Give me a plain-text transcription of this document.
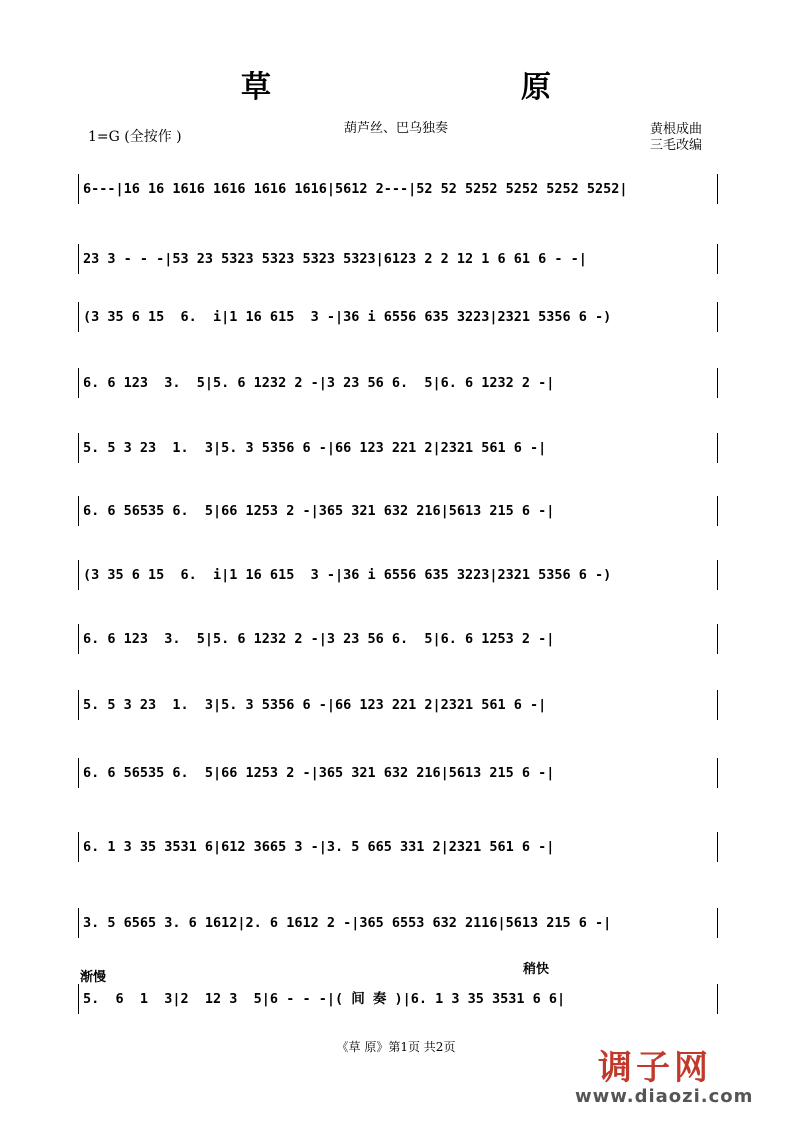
草　原
葫芦丝、巴乌独奏
1=G (全按作 )	黄根成曲
三毛改编
6---|16 16 1616 1616 1616 1616|5612 2---|52 52 5252 5252 5252 5252|
23 3 - - -|53 23 5323 5323 5323 5323|6123 2 2 12 1 6 61 6 - -|
(3 35 6 15  6.  i|1 16 615  3 -|36 i 6556 635 3223|2321 5356 6 -)
6. 6 123  3.  5|5. 6 1232 2 -|3 23 56 6.  5|6. 6 1232 2 -|
5. 5 3 23  1.  3|5. 3 5356 6 -|66 123 221 2|2321 561 6 -|
6. 6 56535 6.  5|66 1253 2 -|365 321 632 216|5613 215 6 -|
(3 35 6 15  6.  i|1 16 615  3 -|36 i 6556 635 3223|2321 5356 6 -)
6. 6 123  3.  5|5. 6 1232 2 -|3 23 56 6.  5|6. 6 1253 2 -|
5. 5 3 23  1.  3|5. 3 5356 6 -|66 123 221 2|2321 561 6 -|
6. 6 56535 6.  5|66 1253 2 -|365 321 632 216|5613 215 6 -|
6. 1 3 35 3531 6|612 3665 3 -|3. 5 665 331 2|2321 561 6 -|
3. 5 6565 3. 6 1612|2. 6 1612 2 -|365 6553 632 2116|5613 215 6 -|
渐慢
稍快
5.  6  1  3|2  12 3  5|6 - - -|( 间 奏 )|6. 1 3 35 3531 6 6|
《草 原》第1页 共2页
调子网
www.diaozi.com
